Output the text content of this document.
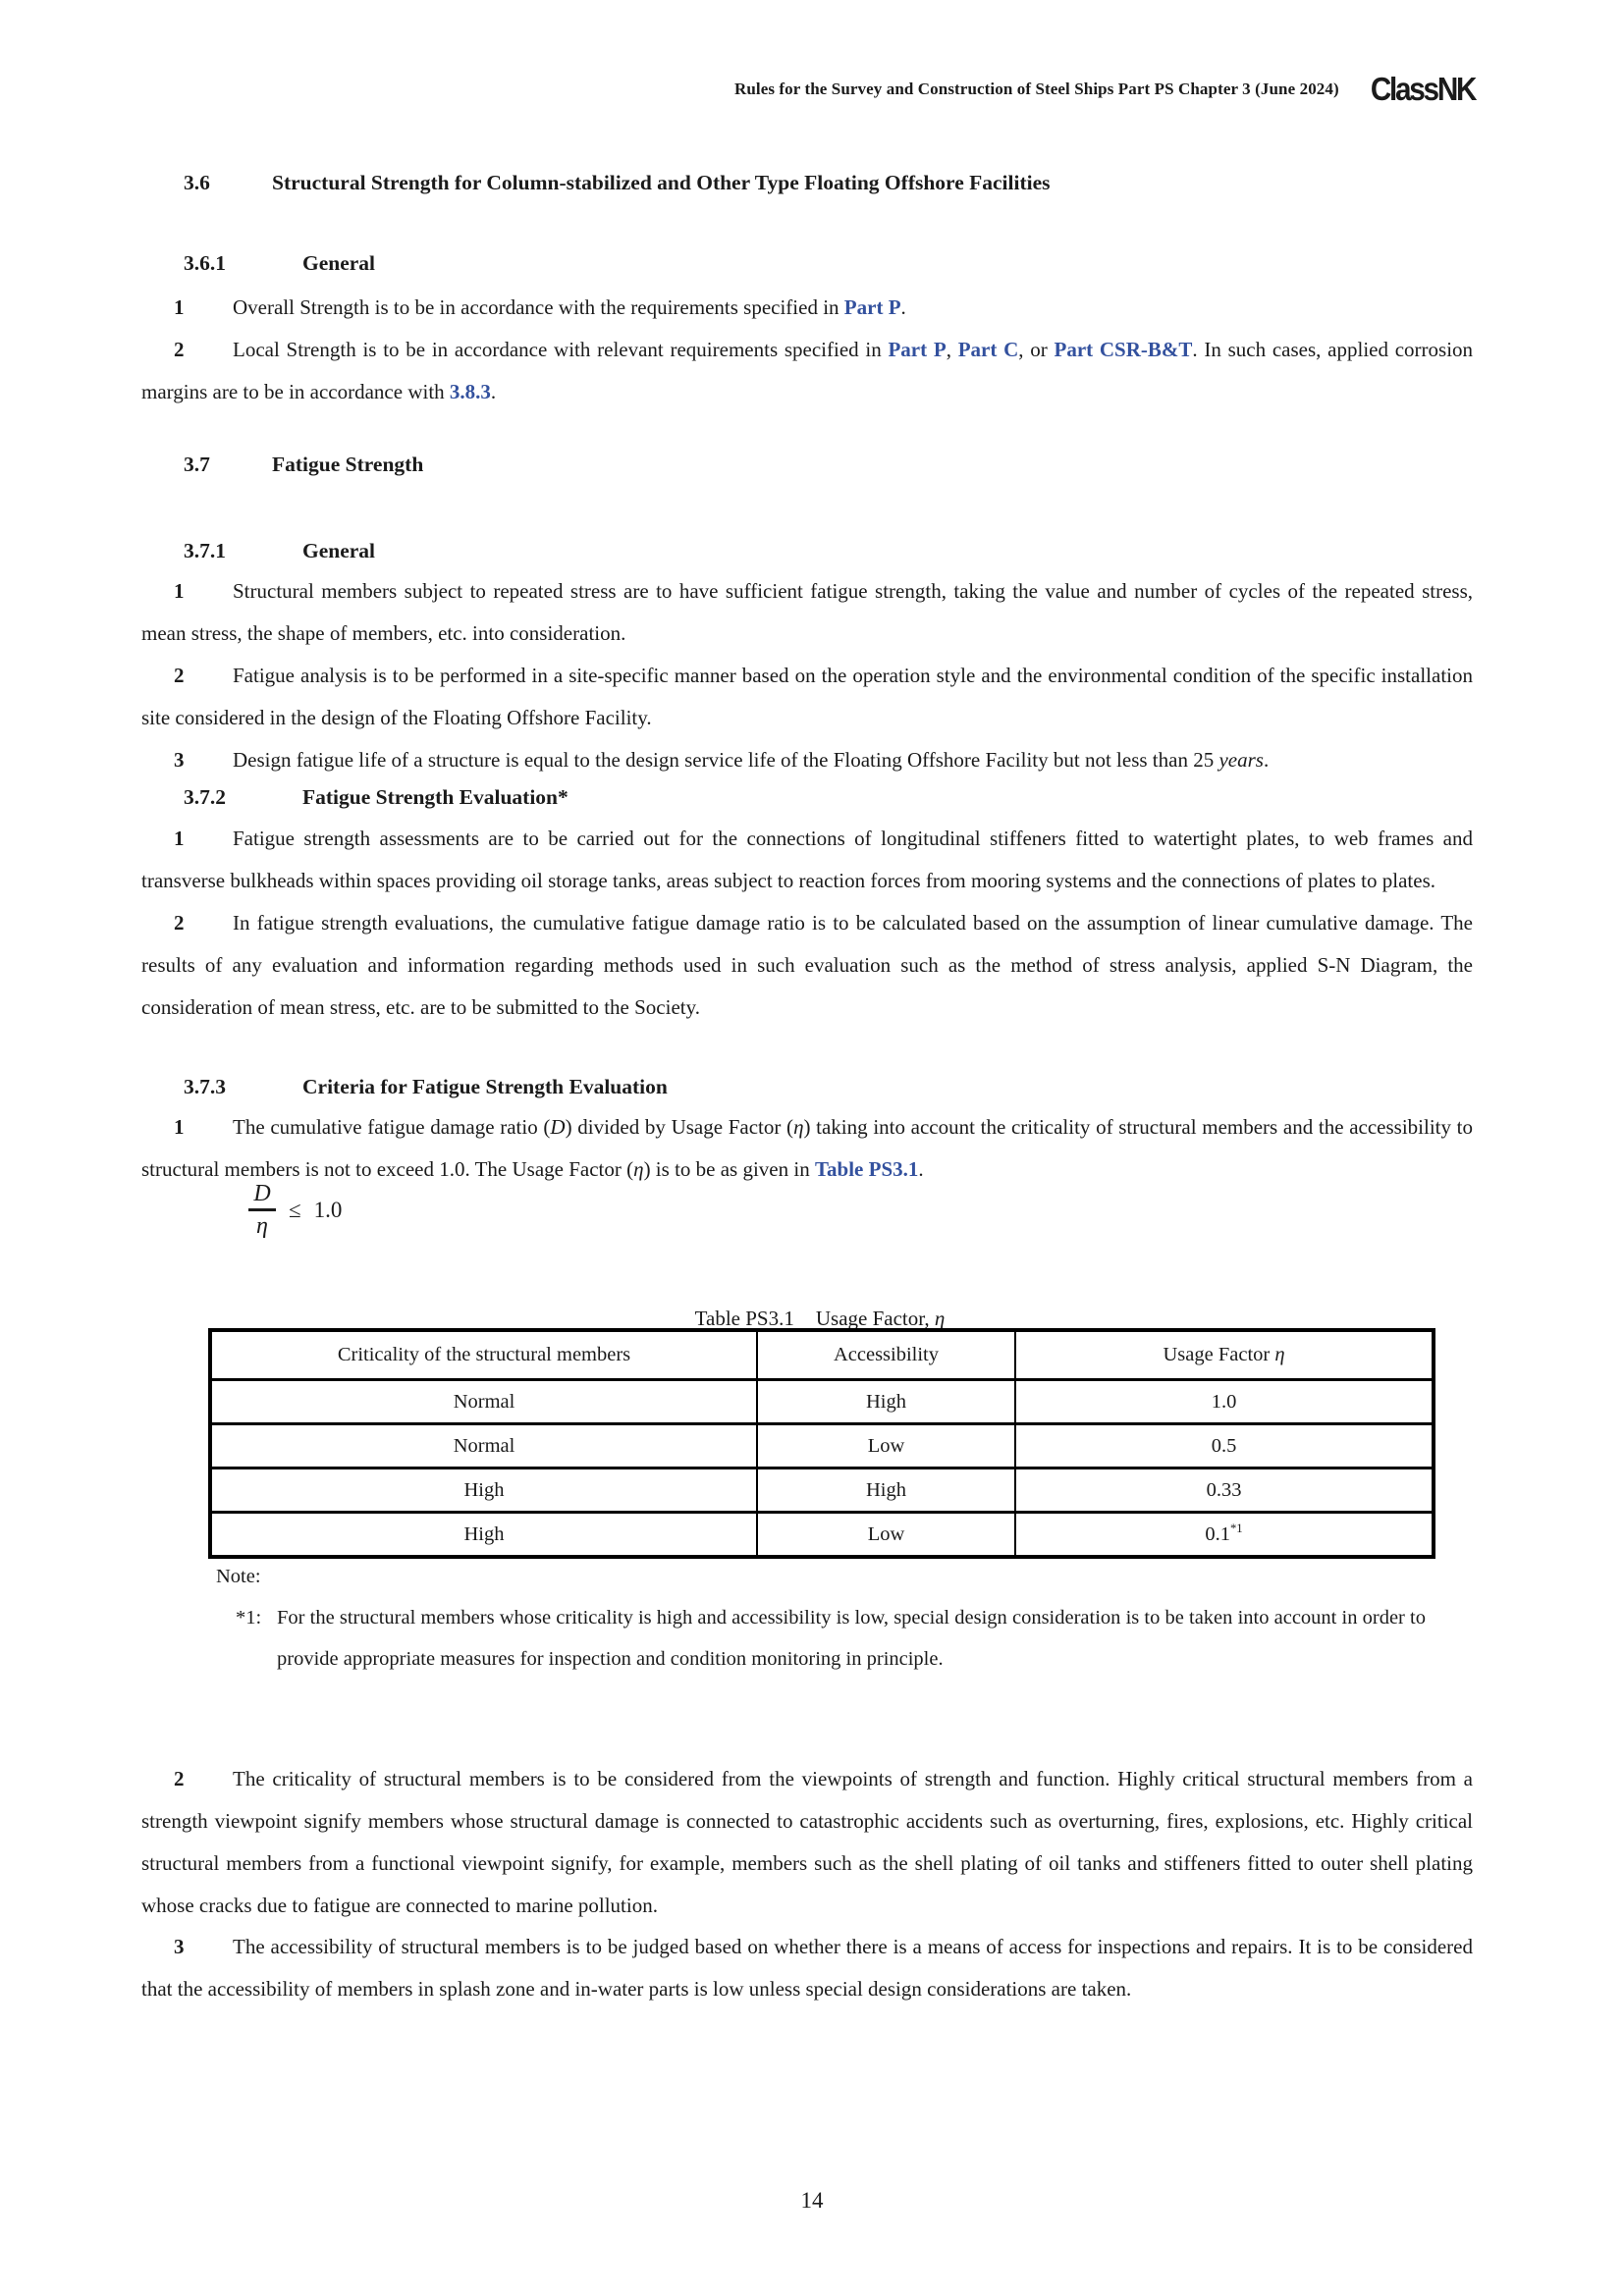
Rules for the Survey and Construction of Steel Ships Part PS Chapter 3 (June 2024) ClassNK
3.6	Structural Strength for Column-stabilized and Other Type Floating Offshore Facilities
3.6.1	General

1 Overall Strength is to be in accordance with the requirements specified in Part P.

2 Local Strength is to be in accordance with relevant requirements specified in Part P, Part C, or Part CSR-B&T. In such cases, applied corrosion margins are to be in accordance with 3.8.3.

3.7	Fatigue Strength
3.7.1	General

1 Structural members subject to repeated stress are to have sufficient fatigue strength, taking the value and number of cycles of the repeated stress, mean stress, the shape of members, etc. into consideration.

2 Fatigue analysis is to be performed in a site-specific manner based on the operation style and the environmental condition of the specific installation site considered in the design of the Floating Offshore Facility.

3 Design fatigue life of a structure is equal to the design service life of the Floating Offshore Facility but not less than 25 years.

3.7.2	Fatigue Strength Evaluation*

1 Fatigue strength assessments are to be carried out for the connections of longitudinal stiffeners fitted to watertight plates, to web frames and transverse bulkheads within spaces providing oil storage tanks, areas subject to reaction forces from mooring systems and the connections of plates to plates.

2 In fatigue strength evaluations, the cumulative fatigue damage ratio is to be calculated based on the assumption of linear cumulative damage. The results of any evaluation and information regarding methods used in such evaluation such as the method of stress analysis, applied S-N Diagram, the consideration of mean stress, etc. are to be submitted to the Society.

3.7.3	Criteria for Fatigue Strength Evaluation

1 The cumulative fatigue damage ratio (D) divided by Usage Factor (η) taking into account the criticality of structural members and the accessibility to structural members is not to exceed 1.0. The Usage Factor (η) is to be as given in Table PS3.1.

$\frac{D}{\eta} \le 1.0$
Table PS3.1 Usage Factor, η
Criticality of the structural members	Accessibility	Usage Factor η
Normal	High	1.0
Normal	Low	0.5
High	High	0.33
High	Low	0.1$^{*1}$
Note:
*1: For the structural members whose criticality is high and accessibility is low, special design consideration is to be taken into account in order to provide appropriate measures for inspection and condition monitoring in principle.

2 The criticality of structural members is to be considered from the viewpoints of strength and function. Highly critical structural members from a strength viewpoint signify members whose structural damage is connected to catastrophic accidents such as overturning, fires, explosions, etc. Highly critical structural members from a functional viewpoint signify, for example, members such as the shell plating of oil tanks and stiffeners fitted to outer shell plating whose cracks due to fatigue are connected to marine pollution.

3 The accessibility of structural members is to be judged based on whether there is a means of access for inspections and repairs. It is to be considered that the accessibility of members in splash zone and in-water parts is low unless special design considerations are taken.

14
